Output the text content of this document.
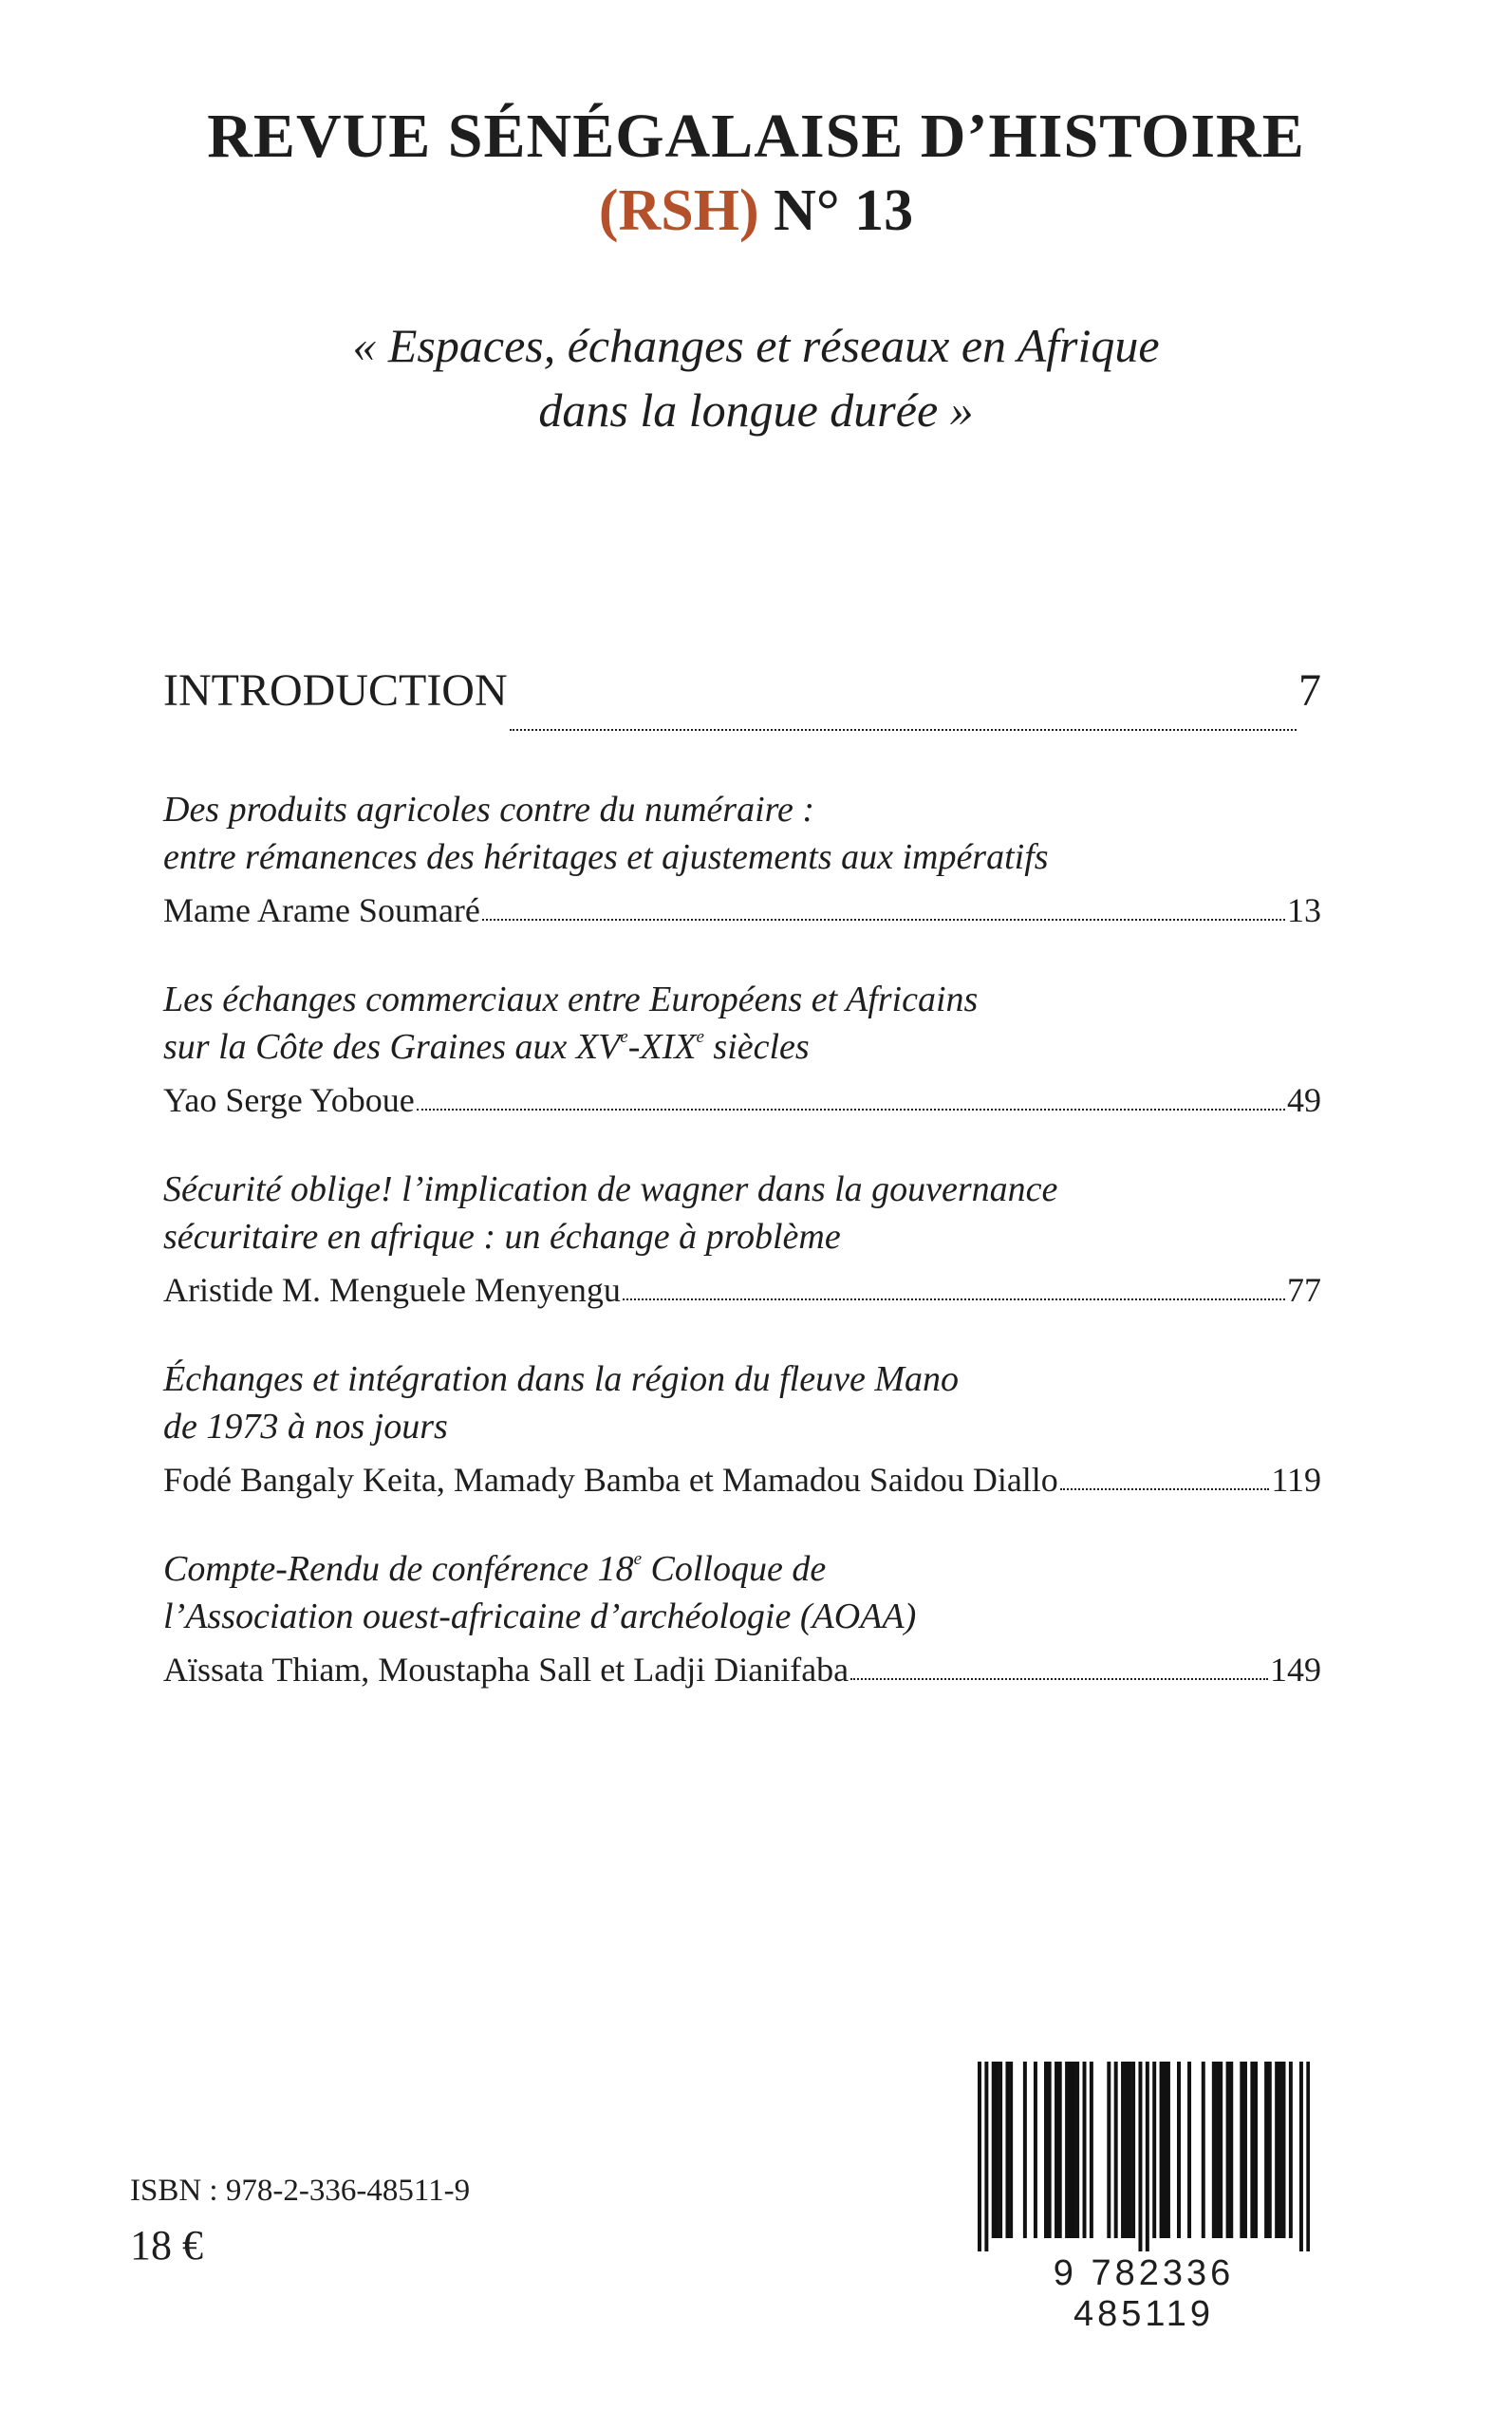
REVUE SÉNÉGALAISE D’HISTOIRE
(RSH) N° 13
« Espaces, échanges et réseaux en Afrique
dans la longue durée »
INTRODUCTION	7
Des produits agricoles contre du numéraire :
entre rémanences des héritages et ajustements aux impératifs
Mame Arame Soumaré	13
Les échanges commerciaux entre Européens et Africains
sur la Côte des Graines aux XVe-XIXe siècles
Yao Serge Yoboue	49
Sécurité oblige! l’implication de wagner dans la gouvernance
sécuritaire en afrique : un échange à problème
Aristide M. Menguele Menyengu	77
Échanges et intégration dans la région du fleuve Mano
de 1973 à nos jours
Fodé Bangaly Keita, Mamady Bamba et Mamadou Saidou Diallo	119
Compte-Rendu de conférence 18e Colloque de
l’Association ouest-africaine d’archéologie (AOAA)
Aïssata Thiam, Moustapha Sall et Ladji Dianifaba	149
ISBN : 978-2-336-48511-9
18 €
9 782336 485119
